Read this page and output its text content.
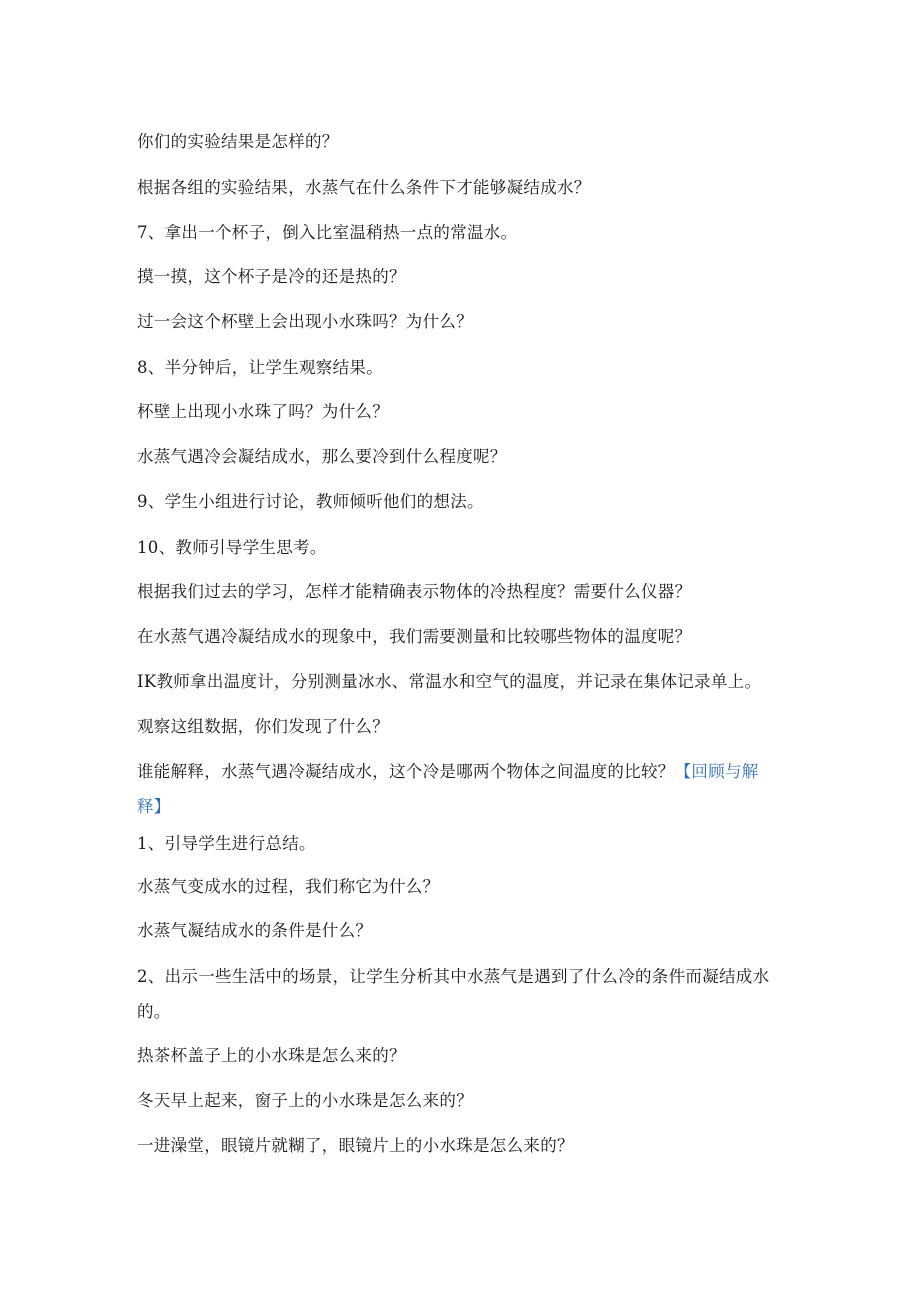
你们的实验结果是怎样的？
根据各组的实验结果，水蒸气在什么条件下才能够凝结成水？
7、拿出一个杯子，倒入比室温稍热一点的常温水。
摸一摸，这个杯子是冷的还是热的？
过一会这个杯壁上会出现小水珠吗？为什么？
8、半分钟后，让学生观察结果。
杯壁上出现小水珠了吗？为什么？
水蒸气遇冷会凝结成水，那么要冷到什么程度呢？
9、学生小组进行讨论，教师倾听他们的想法。
10、教师引导学生思考。
根据我们过去的学习，怎样才能精确表示物体的冷热程度？需要什么仪器？
在水蒸气遇冷凝结成水的现象中，我们需要测量和比较哪些物体的温度呢？
IK教师拿出温度计，分别测量冰水、常温水和空气的温度，并记录在集体记录单上。
观察这组数据，你们发现了什么？
谁能解释，水蒸气遇冷凝结成水，这个冷是哪两个物体之间温度的比较？【回顾与解
释】
1、引导学生进行总结。
水蒸气变成水的过程，我们称它为什么？
水蒸气凝结成水的条件是什么？
2、出示一些生活中的场景，让学生分析其中水蒸气是遇到了什么冷的条件而凝结成水
的。
热茶杯盖子上的小水珠是怎么来的？
冬天早上起来，窗子上的小水珠是怎么来的？
一进澡堂，眼镜片就糊了，眼镜片上的小水珠是怎么来的？
